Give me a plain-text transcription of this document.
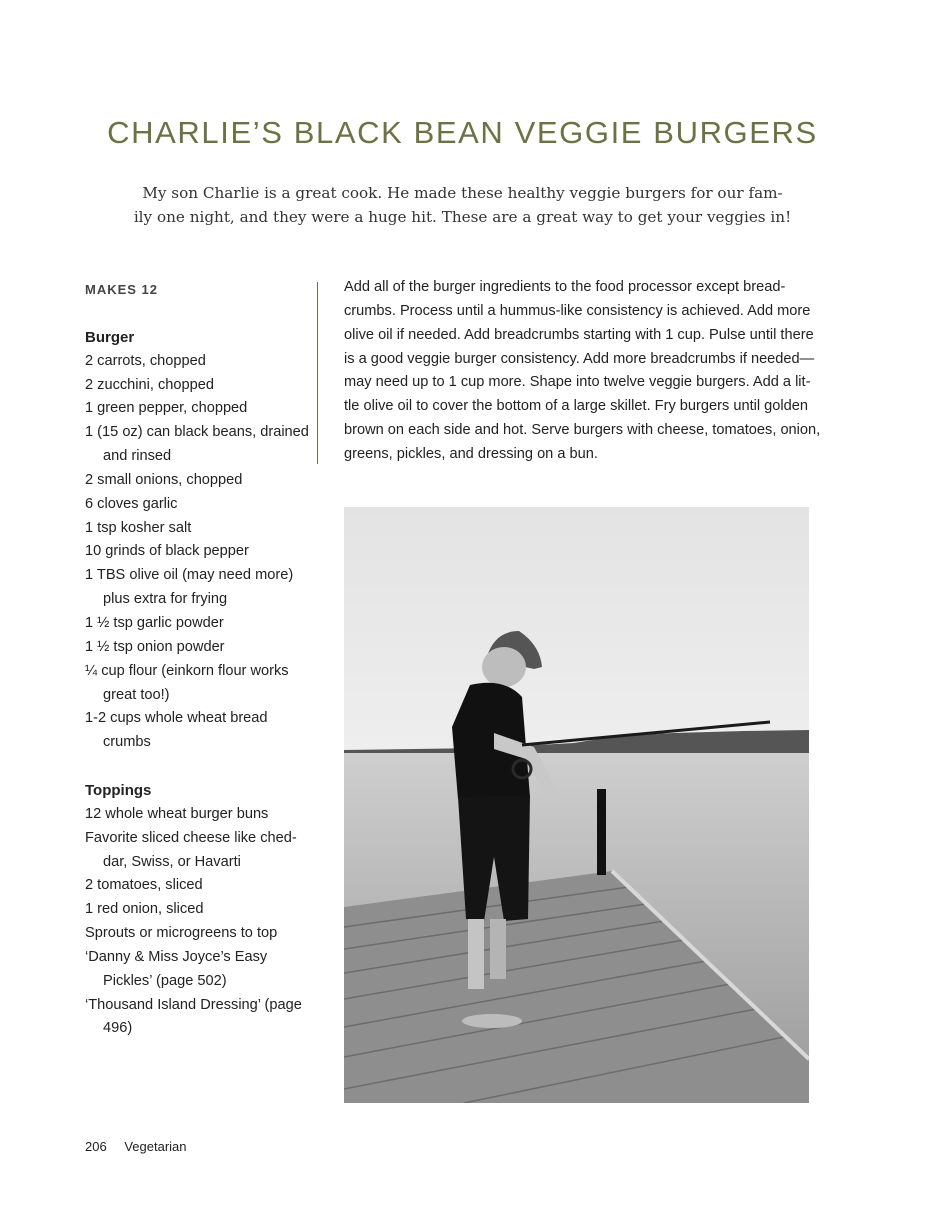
CHARLIE’S BLACK BEAN VEGGIE BURGERS
My son Charlie is a great cook. He made these healthy veggie burgers for our fam-
ily one night, and they were a huge hit. These are a great way to get your veggies in!
MAKES 12
Burger
2 carrots, chopped
2 zucchini, chopped
1 green pepper, chopped
1 (15 oz) can black beans, drained and rinsed
2 small onions, chopped
6 cloves garlic
1 tsp kosher salt
10 grinds of black pepper
1 TBS olive oil (may need more) plus extra for frying
1 ½ tsp garlic powder
1 ½ tsp onion powder
¼ cup flour (einkorn flour works great too!)
1-2 cups whole wheat bread crumbs
Toppings
12 whole wheat burger buns
Favorite sliced cheese like ched-dar, Swiss, or Havarti
2 tomatoes, sliced
1 red onion, sliced
Sprouts or microgreens to top
‘Danny & Miss Joyce’s Easy Pickles’ (page 502)
‘Thousand Island Dressing’ (page 496)
Add all of the burger ingredients to the food processor except bread-
crumbs. Process until a hummus-like consistency is achieved. Add more
olive oil if needed. Add breadcrumbs starting with 1 cup. Pulse until there
is a good veggie burger consistency. Add more breadcrumbs if needed—
may need up to 1 cup more. Shape into twelve veggie burgers. Add a lit-
tle olive oil to cover the bottom of a large skillet. Fry burgers until golden
brown on each side and hot. Serve burgers with cheese, tomatoes, onion,
greens, pickles, and dressing on a bun.
206 Vegetarian
